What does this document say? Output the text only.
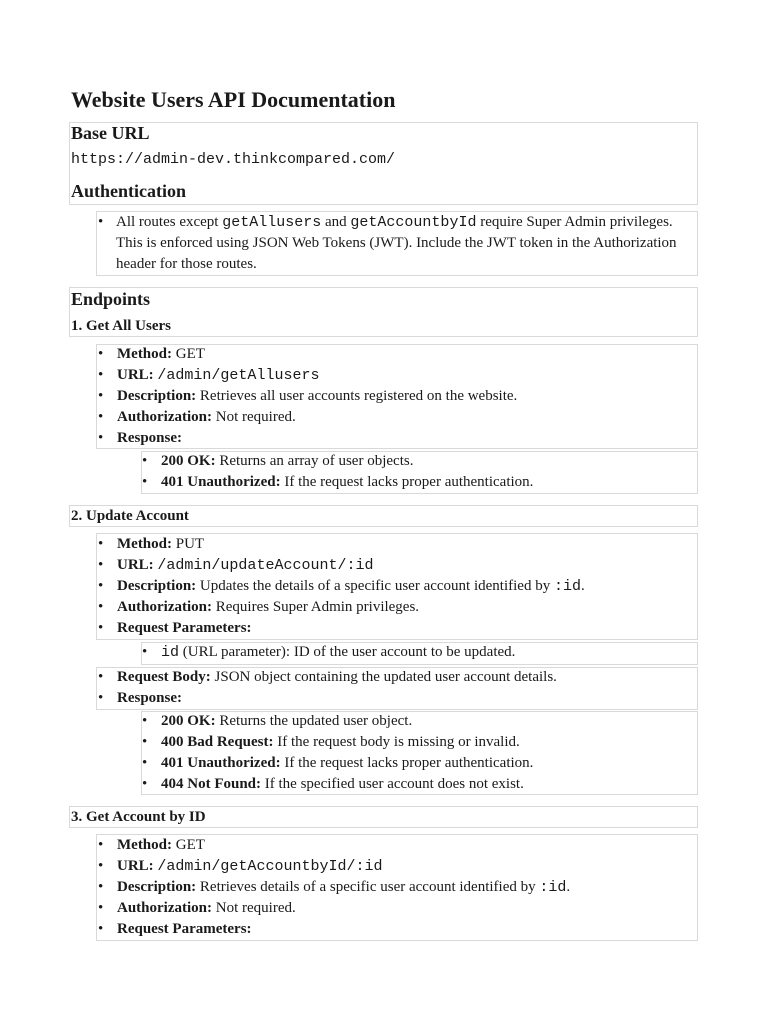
Website Users API Documentation
Base URL
https://admin-dev.thinkcompared.com/
Authentication
• All routes except getAllusers and getAccountbyId require Super Admin privileges.
This is enforced using JSON Web Tokens (JWT). Include the JWT token in the Authorization
header for those routes.
Endpoints
1. Get All Users
• Method: GET
• URL: /admin/getAllusers
• Description: Retrieves all user accounts registered on the website.
• Authorization: Not required.
• Response:
• 200 OK: Returns an array of user objects.
• 401 Unauthorized: If the request lacks proper authentication.
2. Update Account
• Method: PUT
• URL: /admin/updateAccount/:id
• Description: Updates the details of a specific user account identified by :id.
• Authorization: Requires Super Admin privileges.
• Request Parameters:
• id (URL parameter): ID of the user account to be updated.
• Request Body: JSON object containing the updated user account details.
• Response:
• 200 OK: Returns the updated user object.
• 400 Bad Request: If the request body is missing or invalid.
• 401 Unauthorized: If the request lacks proper authentication.
• 404 Not Found: If the specified user account does not exist.
3. Get Account by ID
• Method: GET
• URL: /admin/getAccountbyId/:id
• Description: Retrieves details of a specific user account identified by :id.
• Authorization: Not required.
• Request Parameters:
